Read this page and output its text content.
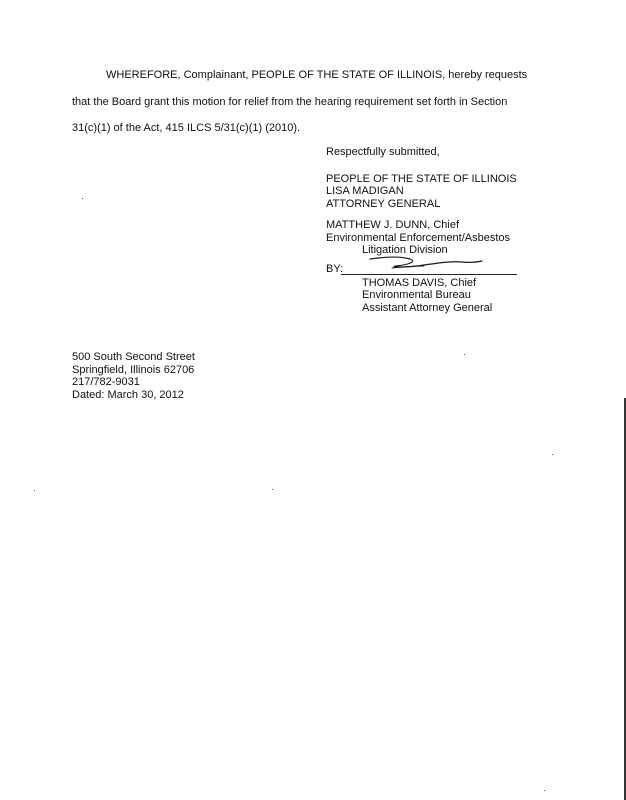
WHEREFORE, Complainant, PEOPLE OF THE STATE OF ILLINOIS, hereby requests
that the Board grant this motion for relief from the hearing requirement set forth in Section
31(c)(1) of the Act, 415 ILCS 5/31(c)(1) (2010).
Respectfully submitted,
PEOPLE OF THE STATE OF ILLINOIS
LISA MADIGAN
ATTORNEY GENERAL
MATTHEW J. DUNN, Chief
Environmental Enforcement/Asbestos
Litigation Division
BY:
THOMAS DAVIS, Chief
Environmental Bureau
Assistant Attorney General
500 South Second Street
Springfield, Illinois 62706
217/782-9031
Dated: March 30, 2012
